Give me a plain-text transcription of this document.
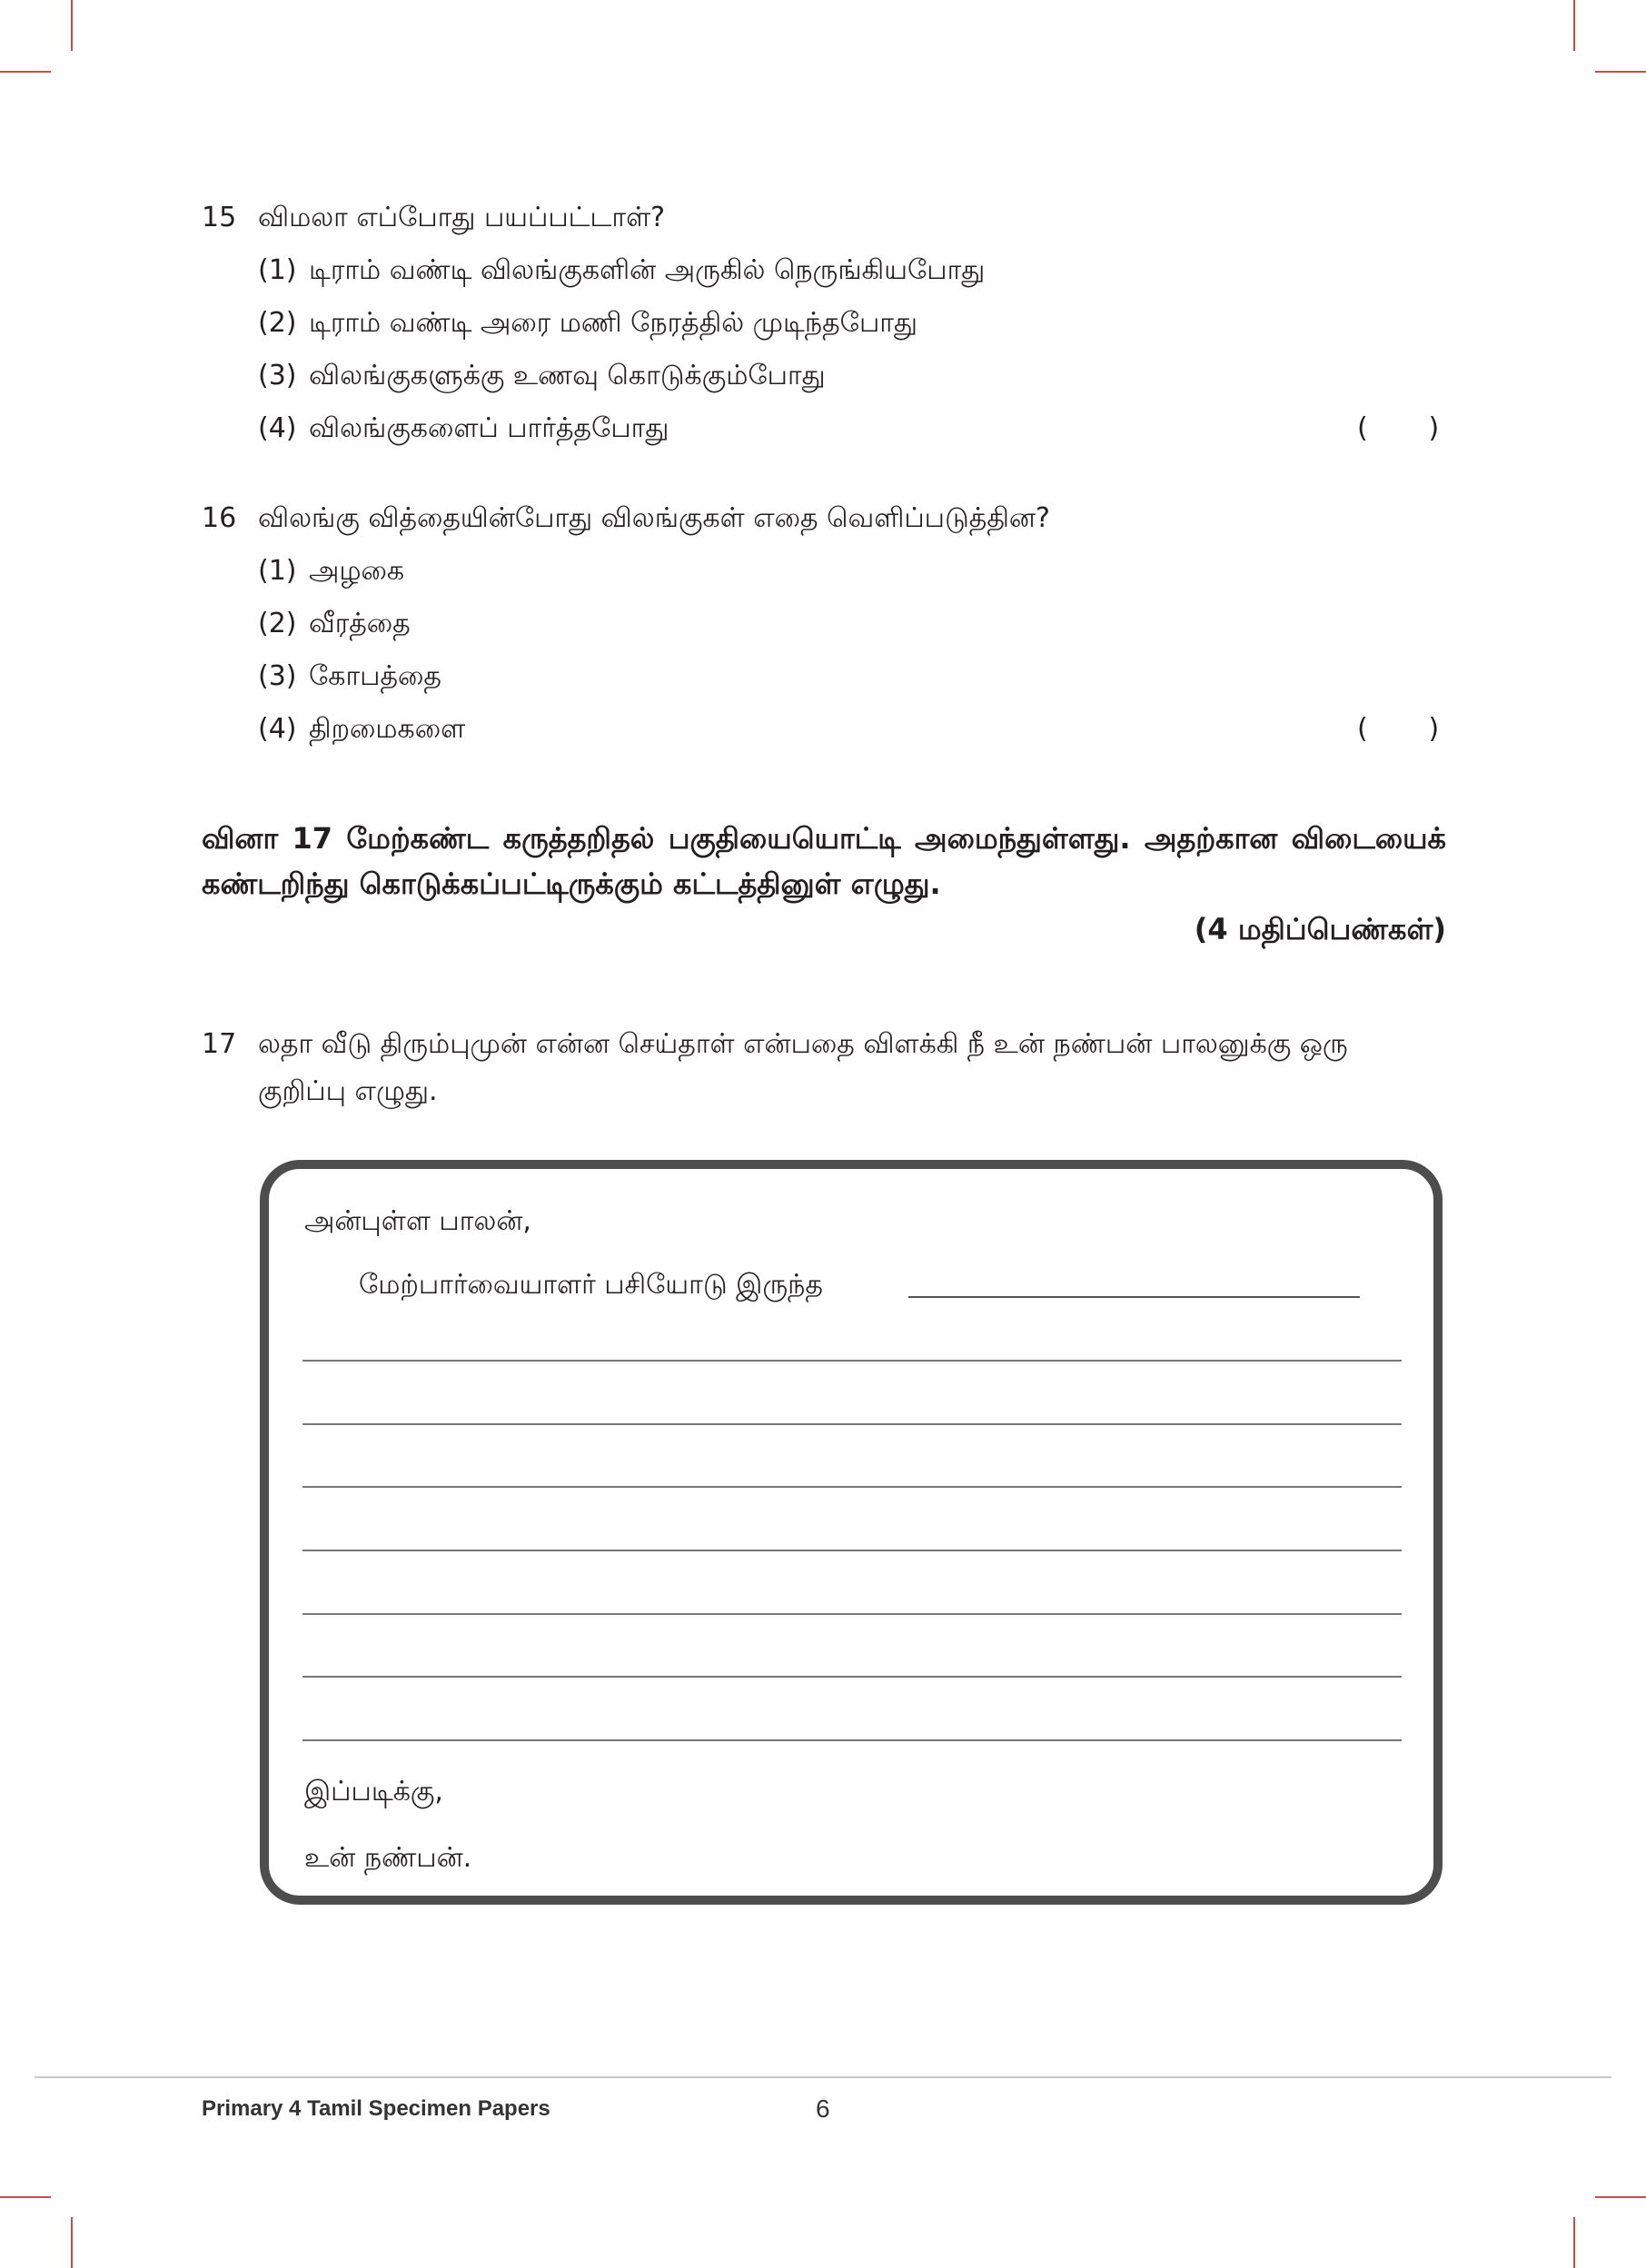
15 விமலா எப்போது பயப்பட்டாள்?
(1) டிராம் வண்டி விலங்குகளின் அருகில் நெருங்கியபோது
(2) டிராம் வண்டி அரை மணி நேரத்தில் முடிந்தபோது
(3) விலங்குகளுக்கு உணவு கொடுக்கும்போது
(4) விலங்குகளைப் பார்த்தபோது	(       )
16 விலங்கு வித்தையின்போது விலங்குகள் எதை வெளிப்படுத்தின?
(1) அழகை
(2) வீரத்தை
(3) கோபத்தை
(4) திறமைகளை	(       )
வினா 17 மேற்கண்ட கருத்தறிதல் பகுதியையொட்டி அமைந்துள்ளது. அதற்கான விடையைக் கண்டறிந்து கொடுக்கப்பட்டிருக்கும் கட்டத்தினுள் எழுது.
(4 மதிப்பெண்கள்)
17 லதா வீடு திரும்புமுன் என்ன செய்தாள் என்பதை விளக்கி நீ உன் நண்பன் பாலனுக்கு ஒரு குறிப்பு எழுது.
அன்புள்ள பாலன்,
மேற்பார்வையாளர் பசியோடு இருந்த
இப்படிக்கு,
உன் நண்பன்.
Primary 4 Tamil Specimen Papers	6
